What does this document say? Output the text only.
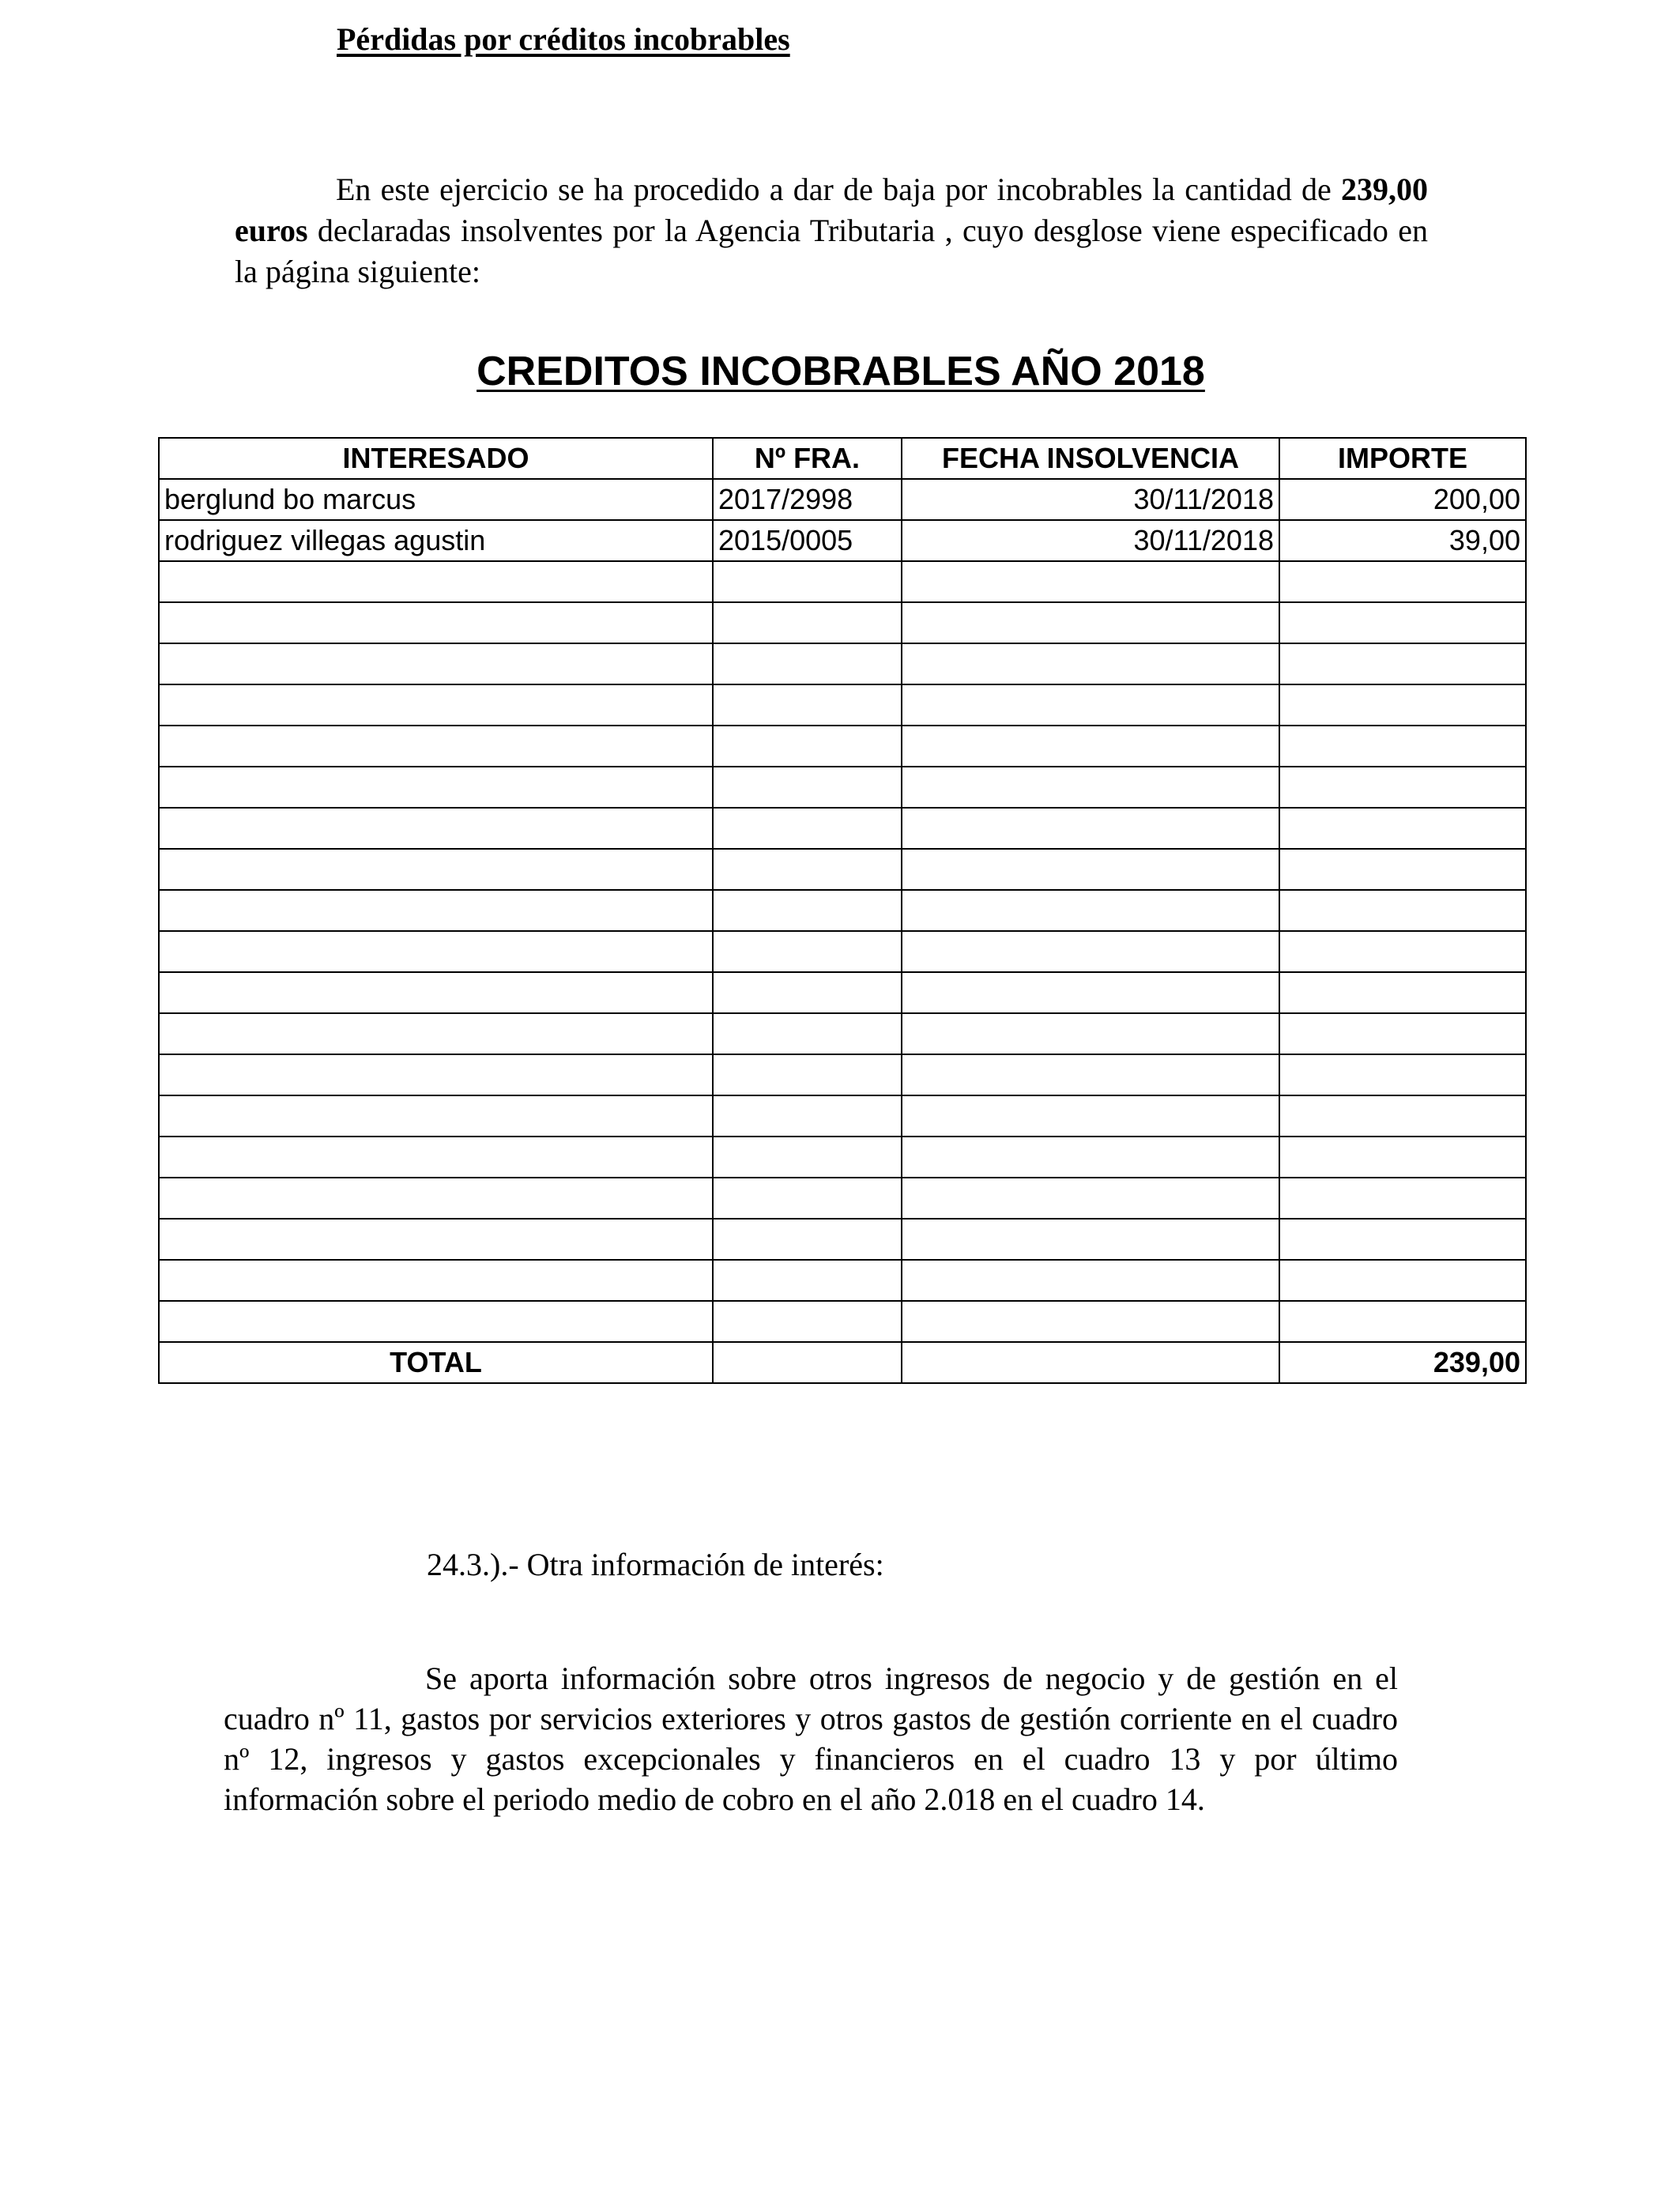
Pérdidas por créditos incobrables

En este ejercicio se ha procedido a dar de baja por incobrables la cantidad de 239,00 euros declaradas insolventes por la Agencia Tributaria , cuyo desglose viene especificado en la página siguiente:

CREDITOS INCOBRABLES AÑO 2018
INTERESADO	Nº FRA.	FECHA INSOLVENCIA	IMPORTE
berglund bo marcus	2017/2998	30/11/2018	200,00
rodriguez villegas agustin	2015/0005	30/11/2018	39,00

TOTAL			239,00
24.3.).- Otra información de interés:

Se aporta información sobre otros ingresos de negocio y de gestión en el cuadro nº 11, gastos por servicios exteriores y otros gastos de gestión corriente en el cuadro nº 12, ingresos y gastos excepcionales y financieros en el cuadro 13 y por último información sobre el periodo medio de cobro en el año 2.018 en el cuadro 14.
